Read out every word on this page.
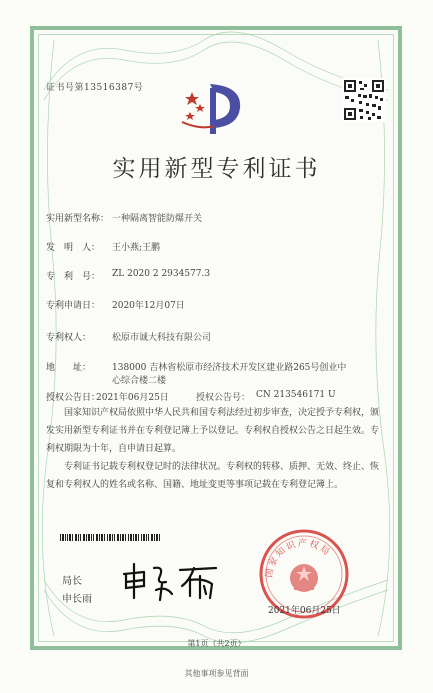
证书号第13516387号
实用新型专利证书
实用新型名称： 一种隔离智能防爆开关
发　明　人： 王小燕;王鹏
专　利　号： ZL 2020 2 2934577.3
专利申请日： 2020年12月07日
专利权人： 松原市诚大科技有限公司
地　　址： 138000 吉林省松原市经济技术开发区建业路265号创业中
心综合楼二楼
授权公告日：
2021年06月25日	授权公告号： CN 213546171 U
国家知识产权局依照中华人民共和国专利法经过初步审查，决定授予专利权，颁发实用新型专利证书并在专利登记簿上予以登记。专利权自授权公告之日起生效。专利权期限为十年，自申请日起算。
专利证书记载专利权登记时的法律状况。专利权的转移、质押、无效、终止、恢复和专利权人的姓名或名称、国籍、地址变更等事项记载在专利登记簿上。
局长
申长雨
国家知识产权局
2021年06月25日
第1页（共2页）
其他事项参见背面
